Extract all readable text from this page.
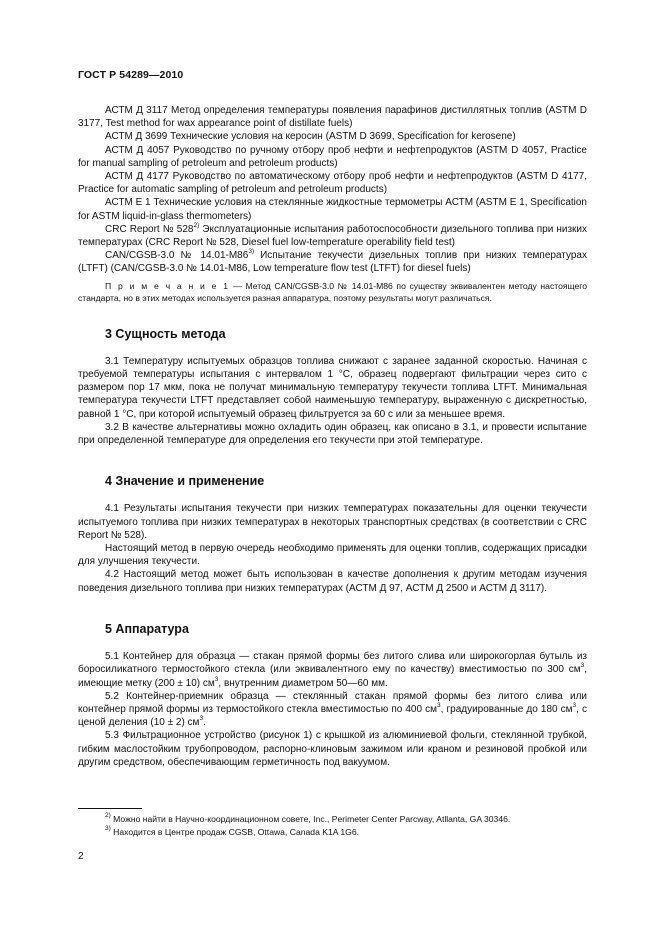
ГОСТ Р 54289—2010

АСТМ Д 3117 Метод определения температуры появления парафинов дистиллятных топлив (ASTM D 3177, Test method for wax appearance point of distillate fuels)

АСТМ Д 3699 Технические условия на керосин (ASTM D 3699, Specification for kerosene)

АСТМ Д 4057 Руководство по ручному отбору проб нефти и нефтепродуктов (ASTM D 4057, Practice for manual sampling of petroleum and petroleum products)

АСТМ Д 4177 Руководство по автоматическому отбору проб нефти и нефтепродуктов (ASTM D 4177, Practice for automatic sampling of petroleum and petroleum products)

АСТМ Е 1 Технические условия на стеклянные жидкостные термометры АСТМ (ASTM E 1, Specification for ASTM liquid-in-glass thermometers)

CRC Report № 528$^{2)}$ Эксплуатационные испытания работоспособности дизельного топлива при низких температурах (CRC Report № 528, Diesel fuel low-temperature operability field test)

CAN/CGSB-3.0 № 14.01-M86$^{3)}$ Испытание текучести дизельных топлив при низких температурах (LTFT) (CAN/CGSB-3.0 № 14.01-M86, Low temperature flow test (LTFT) for diesel fuels)

П р и м е ч а н и е 1 — Метод CAN/CGSB-3.0 № 14.01-M86 по существу эквивалентен методу настоящего стандарта, но в этих методах используется разная аппаратура, поэтому результаты могут различаться.

3 Сущность метода

3.1 Температуру испытуемых образцов топлива снижают с заранее заданной скоростью. Начиная с требуемой температуры испытания с интервалом 1 °С, образец подвергают фильтрации через сито с размером пор 17 мкм, пока не получат минимальную температуру текучести топлива LTFT. Минимальная температура текучести LTFT представляет собой наименьшую температуру, выраженную с дискретностью, равной 1 °С, при которой испытуемый образец фильтруется за 60 с или за меньшее время.

3.2 В качестве альтернативы можно охладить один образец, как описано в 3.1, и провести испытание при определенной температуре для определения его текучести при этой температуре.

4 Значение и применение

4.1 Результаты испытания текучести при низких температурах показательны для оценки текучести испытуемого топлива при низких температурах в некоторых транспортных средствах (в соответствии с CRC Report № 528).

Настоящий метод в первую очередь необходимо применять для оценки топлив, содержащих присадки для улучшения текучести.

4.2 Настоящий метод может быть использован в качестве дополнения к другим методам изучения поведения дизельного топлива при низких температурах (АСТМ Д 97, АСТМ Д 2500 и АСТМ Д 3117).

5 Аппаратура

5.1 Контейнер для образца — стакан прямой формы без литого слива или широкогорлая бутыль из боросиликатного термостойкого стекла (или эквивалентного ему по качеству) вместимостью по 300 $см^3$, имеющие метку (200 ± 10) $см^3$, внутренним диаметром 50—60 мм.

5.2 Контейнер-приемник образца — стеклянный стакан прямой формы без литого слива или контейнер прямой формы из термостойкого стекла вместимостью по 400 $см^3$, градуированные до 180 $см^3$, с ценой деления (10 ± 2) $см^3$.

5.3 Фильтрационное устройство (рисунок 1) с крышкой из алюминиевой фольги, стеклянной трубкой, гибким маслостойким трубопроводом, распорно-клиновым зажимом или краном и резиновой пробкой или другим средством, обеспечивающим герметичность под вакуумом.

$^{2)}$ Можно найти в Научно-координационном совете, Inc., Perimeter Center Parcway, Atllanta, GA 30346.

$^{3)}$ Находится в Центре продаж CGSB, Ottawa, Canada K1A 1G6.

2
